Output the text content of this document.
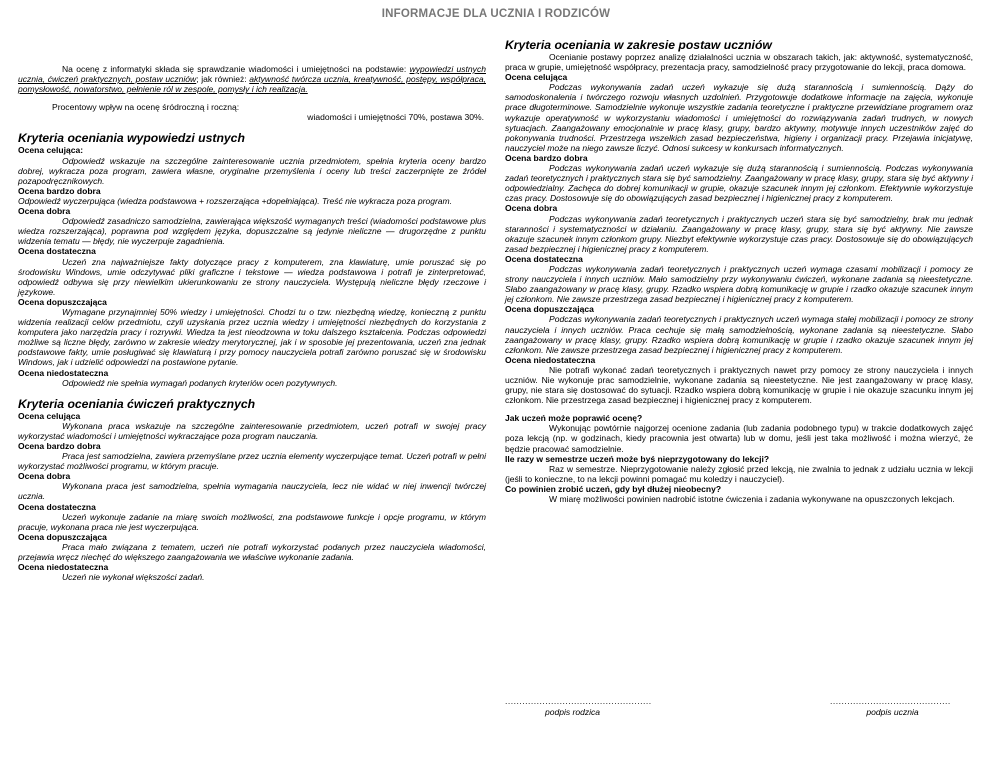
INFORMACJE DLA UCZNIA I RODZICÓW

Na ocenę z informatyki składa się sprawdzanie wiadomości i umiejętności na podstawie: wypowiedzi ustnych ucznia, ćwiczeń praktycznych, postaw uczniów; jak również: aktywność twórcza ucznia, kreatywność, postępy, współpraca, pomysłowość, nowatorstwo, pełnienie ról w zespole, pomysły i ich realizacja.

Procentowy wpływ na ocenę śródroczną i roczną:

wiadomości i umiejętności 70%, postawa 30%.

Kryteria oceniania wypowiedzi ustnych
Ocena celująca:

Odpowiedź wskazuje na szczególne zainteresowanie ucznia przedmiotem, spełnia kryteria oceny bardzo dobrej, wykracza poza program, zawiera własne, oryginalne przemyślenia i oceny lub treści zaczerpnięte ze źródeł pozapodręcznikowych.

Ocena bardzo dobra

Odpowiedź wyczerpująca (wiedza podstawowa + rozszerzająca +dopełniająca). Treść nie wykracza poza program.

Ocena dobra

Odpowiedź zasadniczo samodzielna, zawierająca większość wymaganych treści (wiadomości podstawowe plus wiedza rozszerzająca), poprawna pod względem języka, dopuszczalne są jedynie nieliczne — drugorzędne z punktu widzenia tematu — błędy, nie wyczerpuje zagadnienia.

Ocena dostateczna

Uczeń zna najważniejsze fakty dotyczące pracy z komputerem, zna klawiaturę, umie poruszać się po środowisku Windows, umie odczytywać pliki graficzne i tekstowe — wiedza podstawowa i potrafi je zinterpretować, odpowiedź odbywa się przy niewielkim ukierunkowaniu ze strony nauczyciela. Występują nieliczne błędy rzeczowe i językowe.

Ocena dopuszczająca

Wymagane przynajmniej 50% wiedzy i umiejętności. Chodzi tu o tzw. niezbędną wiedzę, konieczną z punktu widzenia realizacji celów przedmiotu, czyli uzyskania przez ucznia wiedzy i umiejętności niezbędnych do korzystania z komputera jako narzędzia pracy i rozrywki. Wiedza ta jest nieodzowna w toku dalszego kształcenia. Podczas odpowiedzi możliwe są liczne błędy, zarówno w zakresie wiedzy merytorycznej, jak i w sposobie jej prezentowania, uczeń zna jednak podstawowe fakty, umie posługiwać się klawiaturą i przy pomocy nauczyciela potrafi zarówno poruszać się w środowisku Windows, jak i udzielić odpowiedzi na postawione pytanie.

Ocena niedostateczna

Odpowiedź nie spełnia wymagań podanych kryteriów ocen pozytywnych.

Kryteria oceniania ćwiczeń praktycznych
Ocena celująca

Wykonana praca wskazuje na szczególne zainteresowanie przedmiotem, uczeń potrafi w swojej pracy wykorzystać wiadomości i umiejętności wykraczające poza program nauczania.

Ocena bardzo dobra

Praca jest samodzielna, zawiera przemyślane przez ucznia elementy wyczerpujące temat. Uczeń potrafi w pełni wykorzystać możliwości programu, w którym pracuje.

Ocena dobra

Wykonana praca jest samodzielna, spełnia wymagania nauczyciela, lecz nie widać w niej inwencji twórczej ucznia.

Ocena dostateczna

Uczeń wykonuje zadanie na miarę swoich możliwości, zna podstawowe funkcje i opcje programu, w którym pracuje, wykonana praca nie jest wyczerpująca.

Ocena dopuszczająca

Praca mało związana z tematem, uczeń nie potrafi wykorzystać podanych przez nauczyciela wiadomości, przejawia wręcz niechęć do większego zaangażowania we właściwe wykonanie zadania.

Ocena niedostateczna

Uczeń nie wykonał większości zadań.

Kryteria oceniania w zakresie postaw uczniów

Ocenianie postawy poprzez analizę działalności ucznia w obszarach takich, jak: aktywność, systematyczność, praca w grupie, umiejętność współpracy, prezentacja pracy, samodzielność pracy przygotowanie do lekcji, praca domowa.

Ocena celująca

Podczas wykonywania zadań uczeń wykazuje się dużą starannością i sumiennością. Dąży do samodoskonalenia i twórczego rozwoju własnych uzdolnień. Przygotowuje dodatkowe informacje na zajęcia, wykonuje prace długoterminowe. Samodzielnie wykonuje wszystkie zadania teoretyczne i praktyczne przewidziane programem oraz wykazuje operatywność w wykorzystaniu wiadomości i umiejętności do rozwiązywania zadań trudnych, w nowych sytuacjach. Zaangażowany emocjonalnie w pracę klasy, grupy, bardzo aktywny, motywuje innych uczestników zajęć do pokonywania trudności. Przestrzega wszelkich zasad bezpieczeństwa, higieny i organizacji pracy. Przejawia inicjatywę, nauczyciel może na niego zawsze liczyć. Odnosi sukcesy w konkursach informatycznych.

Ocena bardzo dobra

Podczas wykonywania zadań uczeń wykazuje się dużą starannością i sumiennością. Podczas wykonywania zadań teoretycznych i praktycznych stara się być samodzielny. Zaangażowany w pracę klasy, grupy, stara się być aktywny i odpowiedzialny. Zachęca do dobrej komunikacji w grupie, okazuje szacunek innym jej członkom. Efektywnie wykorzystuje czas pracy. Dostosowuje się do obowiązujących zasad bezpiecznej i higienicznej pracy z komputerem.

Ocena dobra

Podczas wykonywania zadań teoretycznych i praktycznych uczeń stara się być samodzielny, brak mu jednak staranności i systematyczności w działaniu. Zaangażowany w pracę klasy, grupy, stara się być aktywny. Nie zawsze okazuje szacunek innym członkom grupy. Niezbyt efektywnie wykorzystuje czas pracy. Dostosowuje się do obowiązujących zasad bezpiecznej i higienicznej pracy z komputerem.

Ocena dostateczna

Podczas wykonywania zadań teoretycznych i praktycznych uczeń wymaga czasami mobilizacji i pomocy ze strony nauczyciela i innych uczniów. Mało samodzielny przy wykonywaniu ćwiczeń, wykonane zadania są nieestetyczne. Słabo zaangażowany w pracę klasy, grupy. Rzadko wspiera dobrą komunikację w grupie i rzadko okazuje szacunek innym jej członkom. Nie zawsze przestrzega zasad bezpiecznej i higienicznej pracy z komputerem.

Ocena dopuszczająca

Podczas wykonywania zadań teoretycznych i praktycznych uczeń wymaga stałej mobilizacji i pomocy ze strony nauczyciela i innych uczniów. Praca cechuje się małą samodzielnością, wykonane zadania są nieestetyczne. Słabo zaangażowany w pracę klasy, grupy. Rzadko wspiera dobrą komunikację w grupie i rzadko okazuje szacunek innym jej członkom. Nie zawsze przestrzega zasad bezpiecznej i higienicznej pracy z komputerem.

Ocena niedostateczna

Nie potrafi wykonać zadań teoretycznych i praktycznych nawet przy pomocy ze strony nauczyciela i innych uczniów. Nie wykonuje prac samodzielnie, wykonane zadania są nieestetyczne. Nie jest zaangażowany w pracę klasy, grupy, nie stara się dostosować do sytuacji. Rzadko wspiera dobrą komunikację w grupie i nie okazuje szacunku innym jej członkom. Nie przestrzega zasad bezpiecznej i higienicznej pracy z komputerem.

Jak uczeń może poprawić ocenę?

Wykonując powtórnie najgorzej ocenione zadania (lub zadania podobnego typu) w trakcie dodatkowych zajęć poza lekcją (np. w godzinach, kiedy pracownia jest otwarta) lub w domu, jeśli jest taka możliwość i można wierzyć, że będzie pracować samodzielnie.

Ile razy w semestrze uczeń może byś nieprzygotowany do lekcji?

Raz w semestrze. Nieprzygotowanie należy zgłosić przed lekcją, nie zwalnia to jednak z udziału ucznia w lekcji (jeśli to konieczne, to na lekcji powinni pomagać mu koledzy i nauczyciel).

Co powinien zrobić uczeń, gdy był dłużej nieobecny?

W miarę możliwości powinien nadrobić istotne ćwiczenia i zadania wykonywane na opuszczonych lekcjach.

...................................................
podpis rodzica
..........................................
podpis ucznia
